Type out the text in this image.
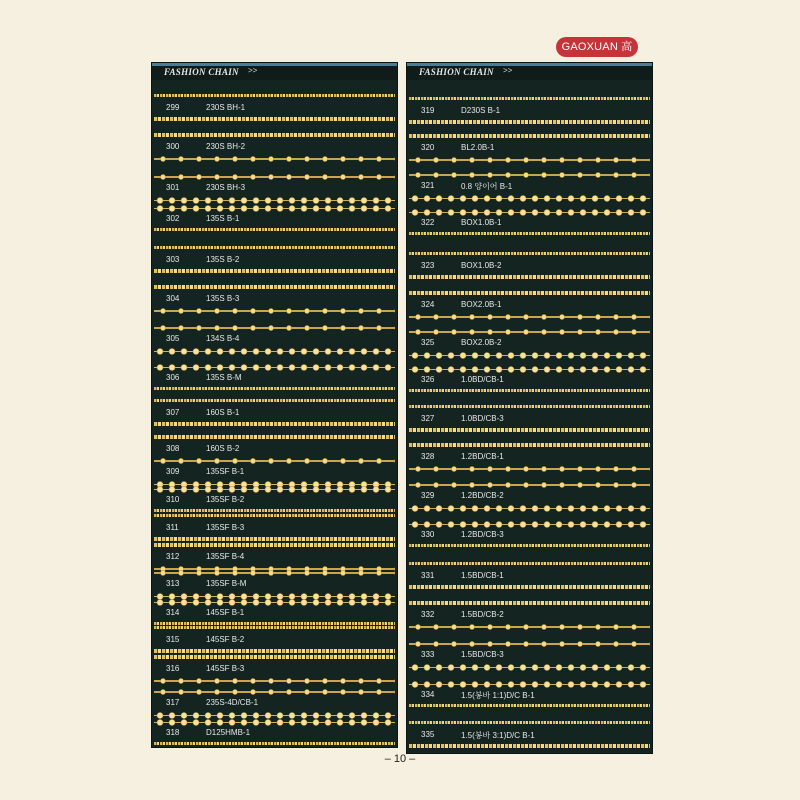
GAOXUAN 高
FASHION CHAIN >>
299	230S BH-1
300	230S BH-2
301	230S BH-3
302	135S B-1
303	135S B-2
304	135S B-3
305	134S B-4
306	135S B-M
307	160S B-1
308	160S B-2
309	135SF B-1
310	135SF B-2
311	135SF B-3
312	135SF B-4
313	135SF B-M
314	145SF B-1
315	145SF B-2
316	145SF B-3
317	235S-4D/CB-1
318	D125HMB-1
FASHION CHAIN >>
319	D230S B-1
320	BL2.0B-1
321	0.8 양이어 B-1
322	BOX1.0B-1
323	BOX1.0B-2
324	BOX2.0B-1
325	BOX2.0B-2
326	1.0BD/CB-1
327	1.0BD/CB-3
328	1.2BD/CB-1
329	1.2BD/CB-2
330	1.2BD/CB-3
331	1.5BD/CB-1
332	1.5BD/CB-2
333	1.5BD/CB-3
334	1.5(봉바 1:1)D/C B-1
335	1.5(봉바 3:1)D/C B-1
– 10 –
